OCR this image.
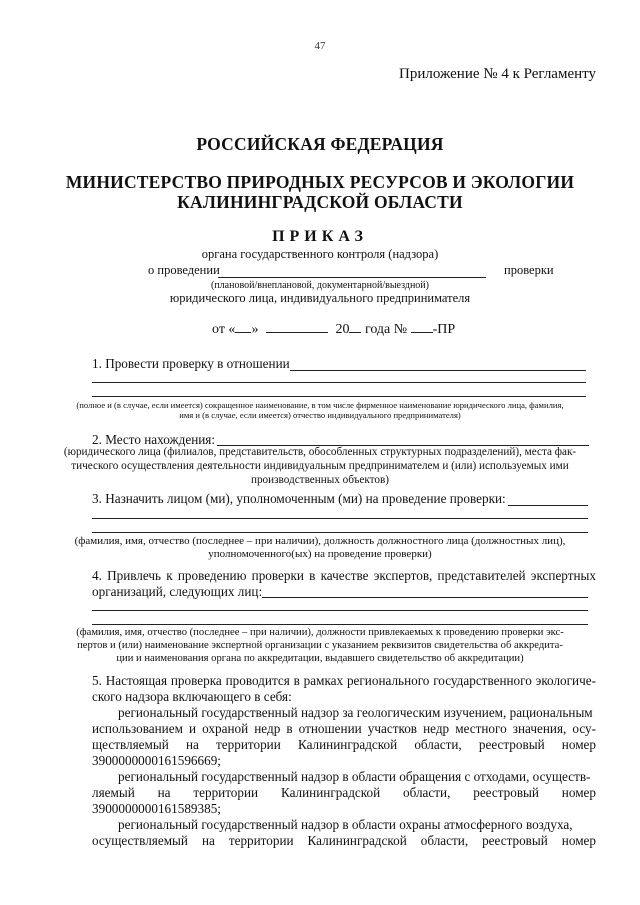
47
Приложение № 4 к Регламенту
РОССИЙСКАЯ ФЕДЕРАЦИЯ
МИНИСТЕРСТВО ПРИРОДНЫХ РЕСУРСОВ И ЭКОЛОГИИ
КАЛИНИНГРАДСКОЙ ОБЛАСТИ
ПРИКАЗ
органа государственного контроля (надзора)
о проведении	проверки
(плановой/внеплановой, документарной/выездной)
юридического лица, индивидуального предпринимателя
от « »	20 года № -ПР
1. Провести проверку в отношении
(полное и (в случае, если имеется) сокращенное наименование, в том числе фирменное наименование юридического лица, фамилия,
имя и (в случае, если имеется) отчество индивидуального предпринимателя)
2. Место нахождения:
(юридического лица (филиалов, представительств, обособленных структурных подразделений), места фак-
тического осуществления деятельности индивидуальным предпринимателем и (или) используемых ими
производственных объектов)
3. Назначить лицом (ми), уполномоченным (ми) на проведение проверки:
(фамилия, имя, отчество (последнее – при наличии), должность должностного лица (должностных лиц),
уполномоченного(ых) на проведение проверки)
4. Привлечь к проведению проверки в качестве экспертов, представителей экспертных
организаций, следующих лиц:
(фамилия, имя, отчество (последнее – при наличии), должности привлекаемых к проведению проверки экс-
пертов и (или) наименование экспертной организации с указанием реквизитов свидетельства об аккредита-
ции и наименования органа по аккредитации, выдавшего свидетельство об аккредитации)
5. Настоящая проверка проводится в рамках регионального государственного экологиче-
ского надзора включающего в себя:
региональный государственный надзор за геологическим изучением, рациональным
использованием и охраной недр в отношении участков недр местного значения, осу-
ществляемый на территории Калининградской области, реестровый номер
3900000000161596669;
региональный государственный надзор в области обращения с отходами, осуществ-
ляемый на территории Калининградской области, реестровый номер
3900000000161589385;
региональный государственный надзор в области охраны атмосферного воздуха,
осуществляемый на территории Калининградской области, реестровый номер
